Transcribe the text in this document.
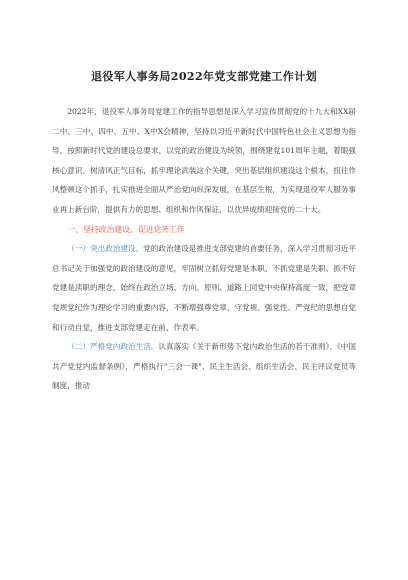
退役军人事务局2022年党支部党建工作计划

2022年，退役军人事务局党建工作的指导思想是深入学习宣传贯彻党的十九大和XX届二中、三中、四中、五中、X中X会精神，坚持以习近平新时代中国特色社会主义思想为指导，按照新时代党的建设总要求，以党的政治建设为统领，围绕建党101周年主题，着眼强核心意识、树清风正气目标，抓牢理论武装这个关键，突出基层组织建设这个根本，扭住作风整顿这个抓手，扎实推进全面从严治党向纵深发展，在基层生根，为实现退役军人服务事业再上新台阶，提供有力的思想、组织和作风保证，以优异成绩迎接党的二十大。

一、坚持政治建设，促进党务工作

（一）突出政治建设。党的政治建设是推进支部党建的首要任务，深入学习贯彻习近平总书记关于加强党的政治建设的意见，牢固树立抓好党建是本职、不抓党建是失职、抓不好党建是渎职的理念，始终在政治立场、方向、原则、道路上同党中央保持高度一致，把党章党规党纪作为理论学习的重要内容，不断增强尊党章、守党规、强党性、严党纪的思想自觉和行动自觉，推进支部党建走在前、作表率。

（二）严格党内政治生活。认真落实《关于新形势下党内政治生活的若干准则》、《中国共产党党内监督条例》，严格执行"三会一课"、民主生活会、组织生活会、民主评议党员等制度，推动
